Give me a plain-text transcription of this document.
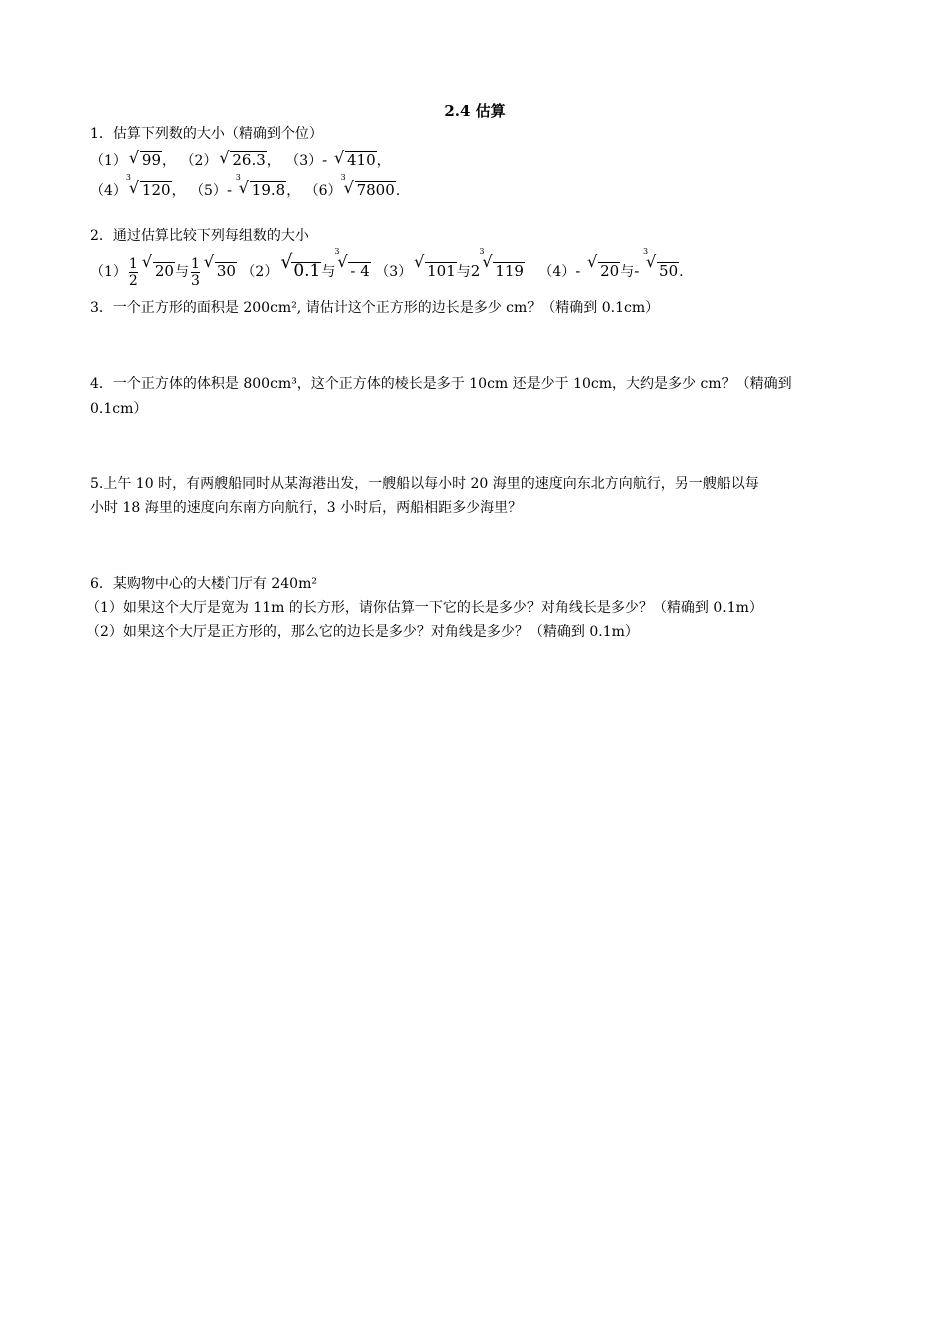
2.4 估算
1．估算下列数的大小（精确到个位）
（1） √ 99， （2） √ 26.3， （3）- √ 410，
（4）
3
√ 120， （5）-
3
√ 19.8， （6）
3
√ 7800.
2．通过估算比较下列每组数的大小
$(1) \frac{1}{2}$ √ 20与 $\frac{1}{3}$ √ 30 （2） √ 0.1与
3
√ - 4 （3）
√ 101与2
3
√ 119 （4）- √ 20与-
3
√ 50.
3．一个正方形的面积是 200cm², 请估计这个正方形的边长是多少 cm？（精确到 0.1cm）
4．一个正方体的体积是 800cm³，这个正方体的棱长是多于 10cm 还是少于 10cm，大约是多少 cm？（精确到
0.1cm）
5.上午 10 时，有两艘船同时从某海港出发，一艘船以每小时 20 海里的速度向东北方向航行，另一艘船以每
小时 18 海里的速度向东南方向航行，3 小时后，两船相距多少海里？
6．某购物中心的大楼门厅有 240m²
（1）如果这个大厅是宽为 11m 的长方形，请你估算一下它的长是多少？对角线长是多少？（精确到 0.1m）
（2）如果这个大厅是正方形的，那么它的边长是多少？对角线是多少？（精确到 0.1m）
